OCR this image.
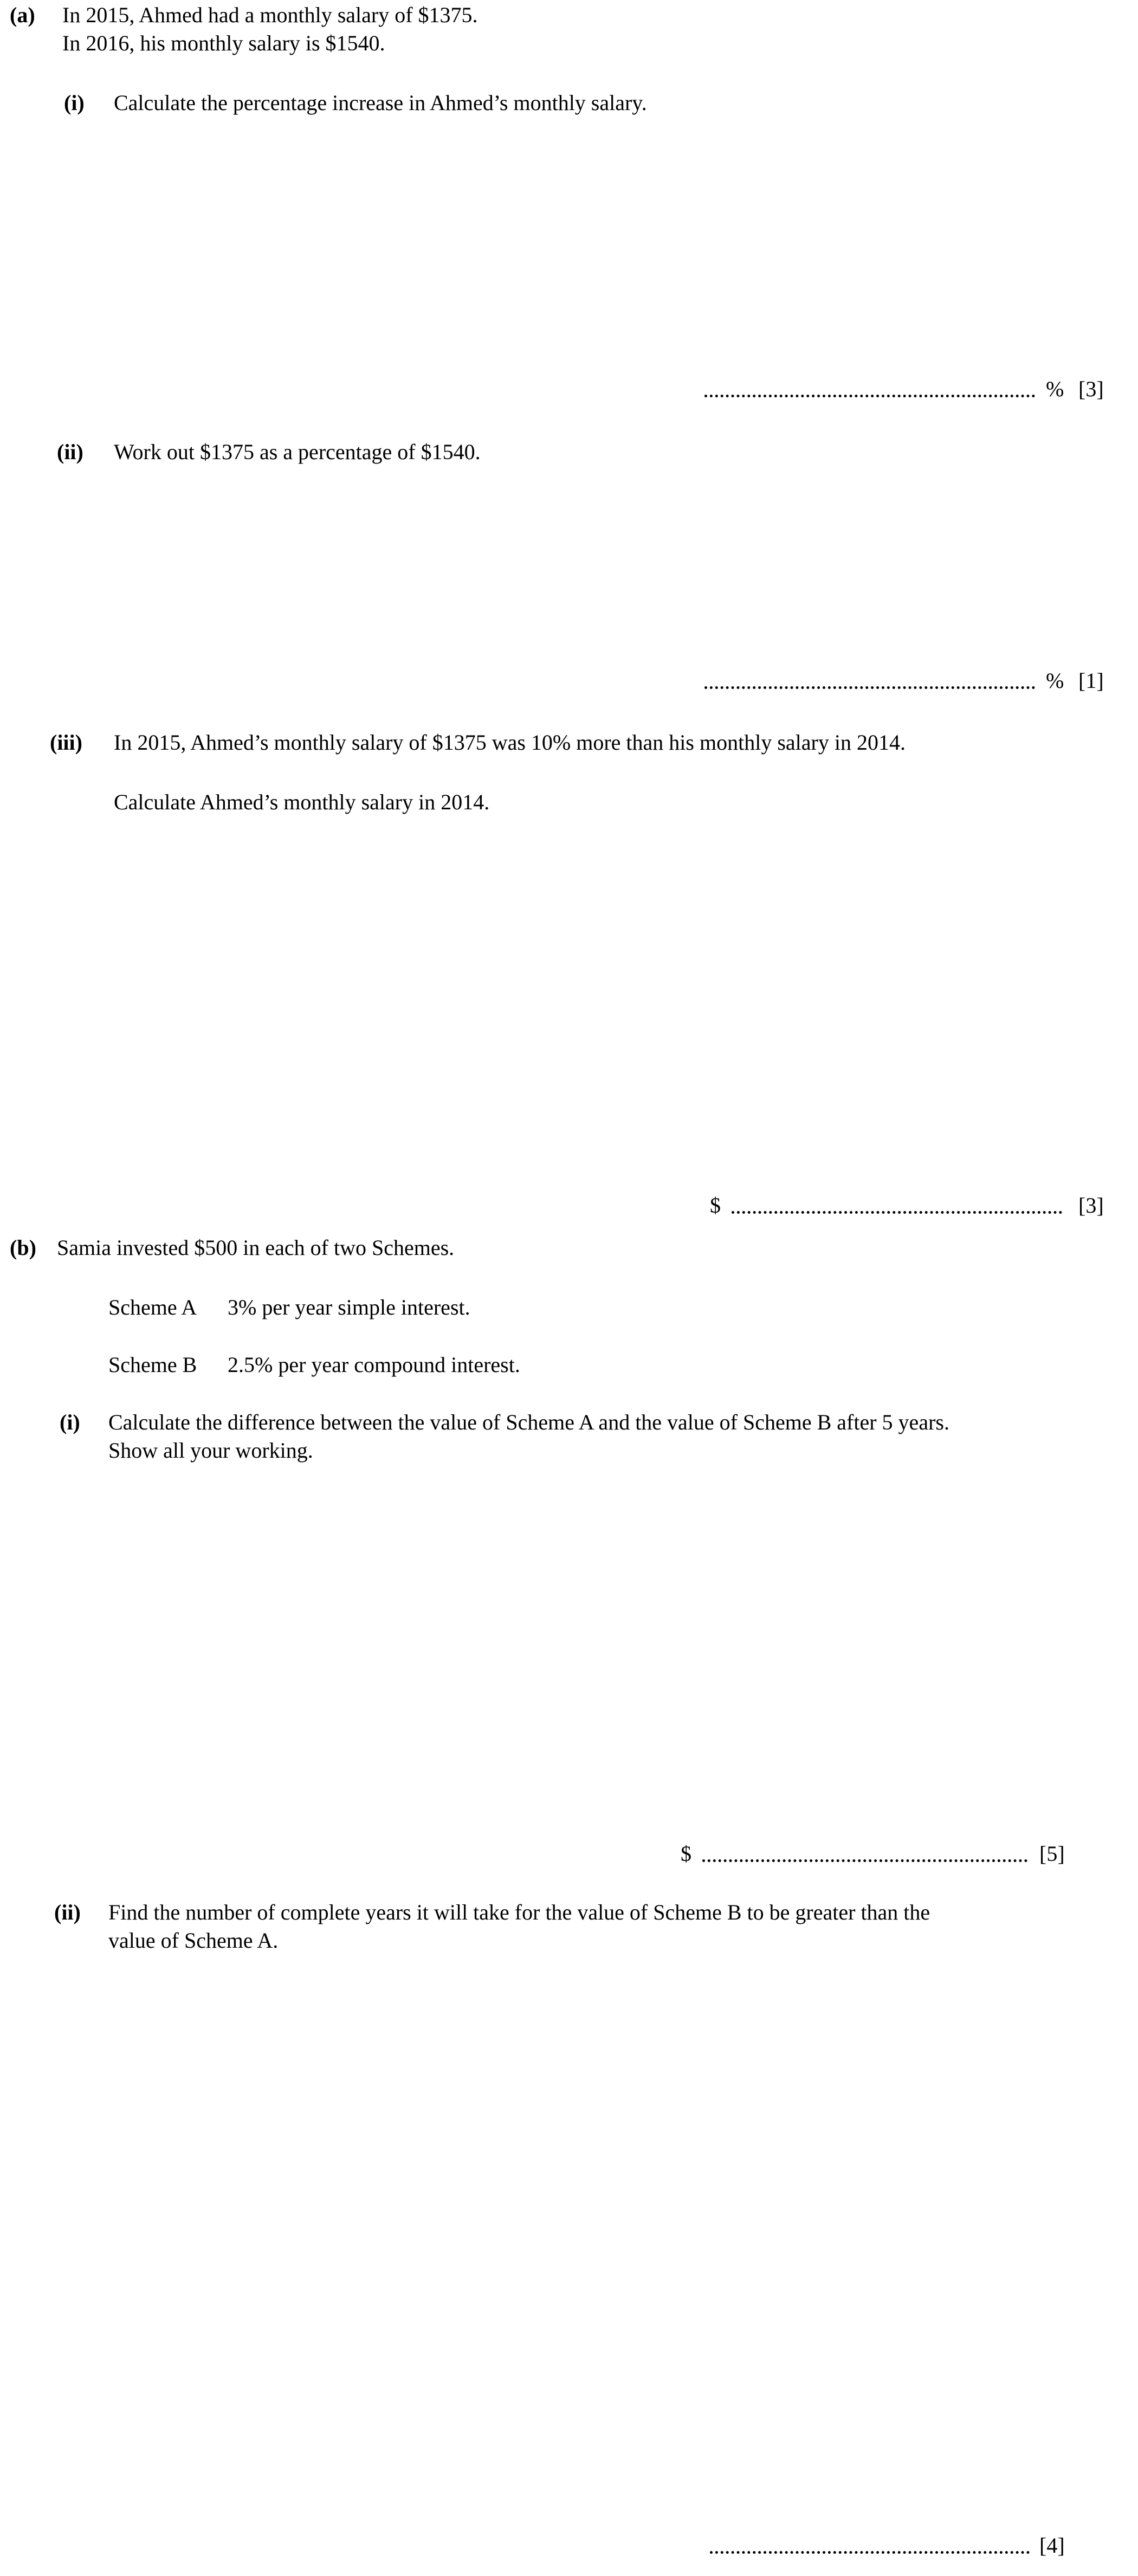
(a) In 2015, Ahmed had a monthly salary of $1375.
In 2016, his monthly salary is $1540.
(i) Calculate the percentage increase in Ahmed’s monthly salary.
% [3]
(ii) Work out $1375 as a percentage of $1540.
% [1]
(iii) In 2015, Ahmed’s monthly salary of $1375 was 10% more than his monthly salary in 2014.
Calculate Ahmed’s monthly salary in 2014.
$	[3]
(b) Samia invested $500 in each of two Schemes.
Scheme A 3% per year simple interest.
Scheme B 2.5% per year compound interest.
(i) Calculate the difference between the value of Scheme A and the value of Scheme B after 5 years.
Show all your working.
$	[5]
(ii) Find the number of complete years it will take for the value of Scheme B to be greater than the
value of Scheme A.
[4]
